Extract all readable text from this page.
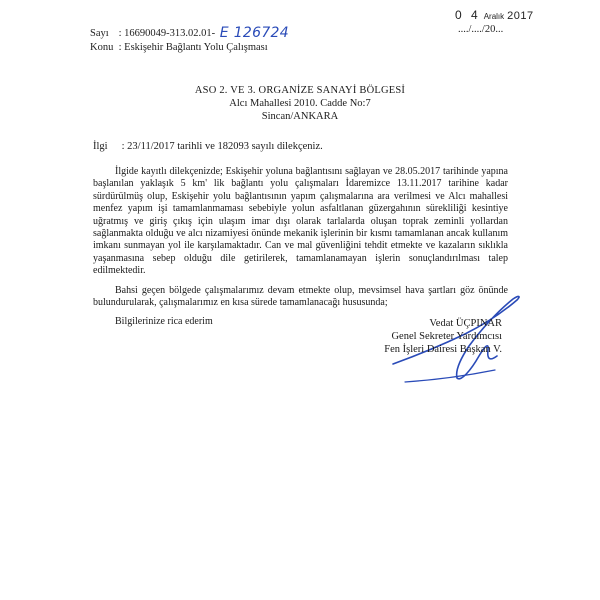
0 4 Aralık 2017
..../..../20...
Sayı : 16690049-313.02.01- E 126724
Konu : Eskişehir Bağlantı Yolu Çalışması
ASO 2. VE 3. ORGANİZE SANAYİ BÖLGESİ
Alcı Mahallesi 2010. Cadde No:7
Sincan/ANKARA
İlgi : 23/11/2017 tarihli ve 182093 sayılı dilekçeniz.

İlgide kayıtlı dilekçenizde; Eskişehir yoluna bağlantısını sağlayan ve 28.05.2017 tarihinde yapına başlanılan yaklaşık 5 km' lik bağlantı yolu çalışmaları İdaremizce 13.11.2017 tarihine kadar sürdürülmüş olup, Eskişehir yolu bağlantısının yapım çalışmalarına ara verilmesi ve Alcı mahallesi menfez yapım işi tamamlanmaması sebebiyle yolun asfaltlanan güzergahının sürekliliği kesintiye uğratmış ve giriş çıkış için ulaşım imar dışı olarak tarlalarda oluşan toprak zeminli yollardan sağlanmakta olduğu ve alcı nizamiyesi önünde mekanik işlerinin bir kısmı tamamlanan ancak kullanım imkanı sunmayan yol ile karşılamaktadır. Can ve mal güvenliğini tehdit etmekte ve kazaların sıklıkla yaşanmasına sebep olduğu dile getirilerek, tamamlanamayan işlerin sonuçlandırılması talep edilmektedir.

Bahsi geçen bölgede çalışmalarımız devam etmekte olup, mevsimsel hava şartları göz önünde bulundurularak, çalışmalarımız en kısa sürede tamamlanacağı hususunda;

Bilgilerinize rica ederim	Vedat ÜÇPINAR
Genel Sekreter Yardımcısı
Fen İşleri Dairesi Başkan V.
